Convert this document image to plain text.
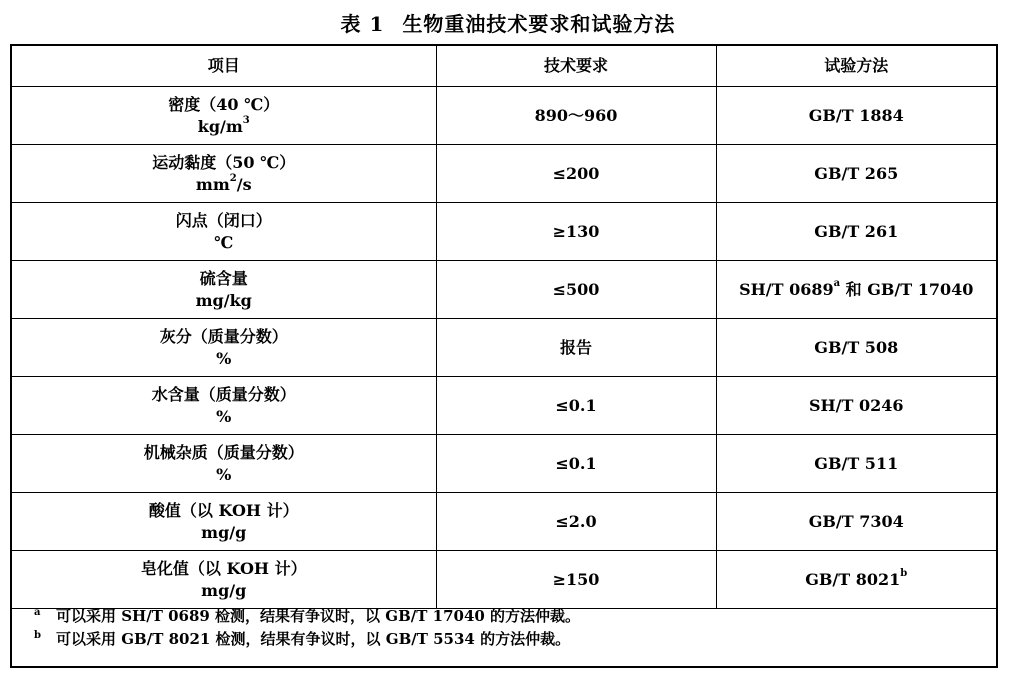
表 1 生物重油技术要求和试验方法
项目	技术要求	试验方法

密度（40 ℃）
$kg/m^3$	890～960	GB/T 1884

运动黏度（50 ℃）
$mm^2/s$	≤200	GB/T 265

闪点（闭口）
℃	≥130	GB/T 261

硫含量
mg/kg	≤500	SH/T 0689$^a$ 和 GB/T 17040

灰分（质量分数）
%	报告	GB/T 508

水含量（质量分数）
%	≤0.1	SH/T 0246

机械杂质（质量分数）
%	≤0.1	GB/T 511

酸值（以 KOH 计）
mg/g	≤2.0	GB/T 7304

皂化值（以 KOH 计）
mg/g	≥150	GB/T 8021$^b$
a 可以采用 SH/T 0689 检测，结果有争议时，以 GB/T 17040 的方法仲裁。
b 可以采用 GB/T 8021 检测，结果有争议时，以 GB/T 5534 的方法仲裁。
